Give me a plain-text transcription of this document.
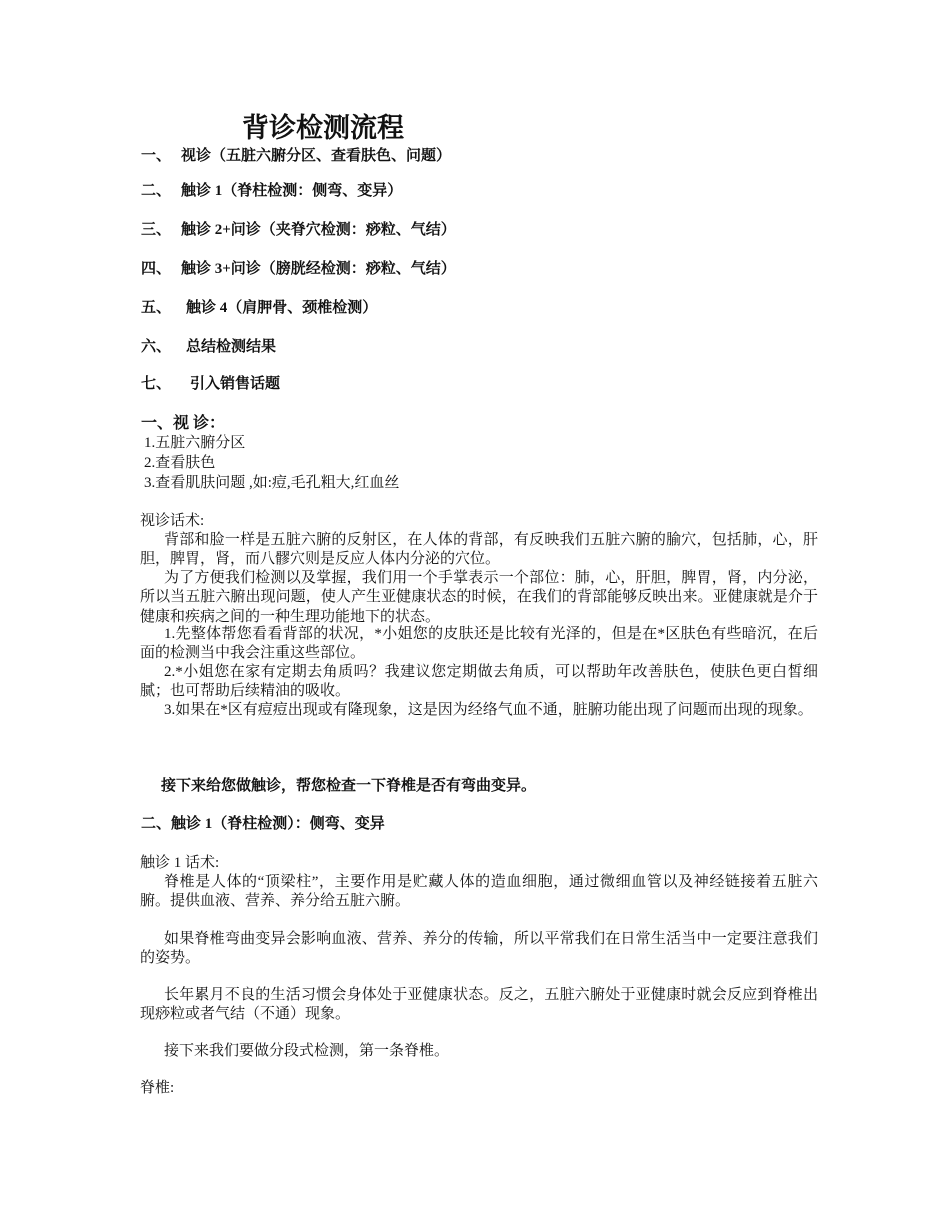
背诊检测流程
一、 视诊（五脏六腑分区、查看肤色、问题）
二、 触诊 1（脊柱检测：侧弯、变异）
三、 触诊 2+问诊（夹脊穴检测：痧粒、气结）
四、 触诊 3+问诊（膀胱经检测：痧粒、气结）
五、 触诊 4（肩胛骨、颈椎检测）
六、 总结检测结果
七、 引入销售话题
一、视 诊：
1.五脏六腑分区
2.查看肤色
3.查看肌肤问题 ,如:痘,毛孔粗大,红血丝
视诊话术:
背部和脸一样是五脏六腑的反射区，在人体的背部，有反映我们五脏六腑的腧穴，包括肺，心，肝胆，脾胃，肾，而八髎穴则是反应人体内分泌的穴位。
为了方便我们检测以及掌握，我们用一个手掌表示一个部位：肺，心，肝胆，脾胃，肾，内分泌，所以当五脏六腑出现问题，使人产生亚健康状态的时候，在我们的背部能够反映出来。亚健康就是介于健康和疾病之间的一种生理功能地下的状态。
1.先整体帮您看看背部的状况，*小姐您的皮肤还是比较有光泽的，但是在*区肤色有些暗沉，在后面的检测当中我会注重这些部位。
2.*小姐您在家有定期去角质吗？我建议您定期做去角质，可以帮助年改善肤色，使肤色更白皙细腻；也可帮助后续精油的吸收。
3.如果在*区有痘痘出现或有隆现象，这是因为经络气血不通，脏腑功能出现了问题而出现的现象。
接下来给您做触诊，帮您检查一下脊椎是否有弯曲变异。
二、触诊 1（脊柱检测）：侧弯、变异
触诊 1 话术:
脊椎是人体的“顶梁柱”，主要作用是贮藏人体的造血细胞，通过微细血管以及神经链接着五脏六腑。提供血液、营养、养分给五脏六腑。
如果脊椎弯曲变异会影响血液、营养、养分的传输，所以平常我们在日常生活当中一定要注意我们的姿势。
长年累月不良的生活习惯会身体处于亚健康状态。反之，五脏六腑处于亚健康时就会反应到脊椎出现痧粒或者气结（不通）现象。
接下来我们要做分段式检测，第一条脊椎。
脊椎:
